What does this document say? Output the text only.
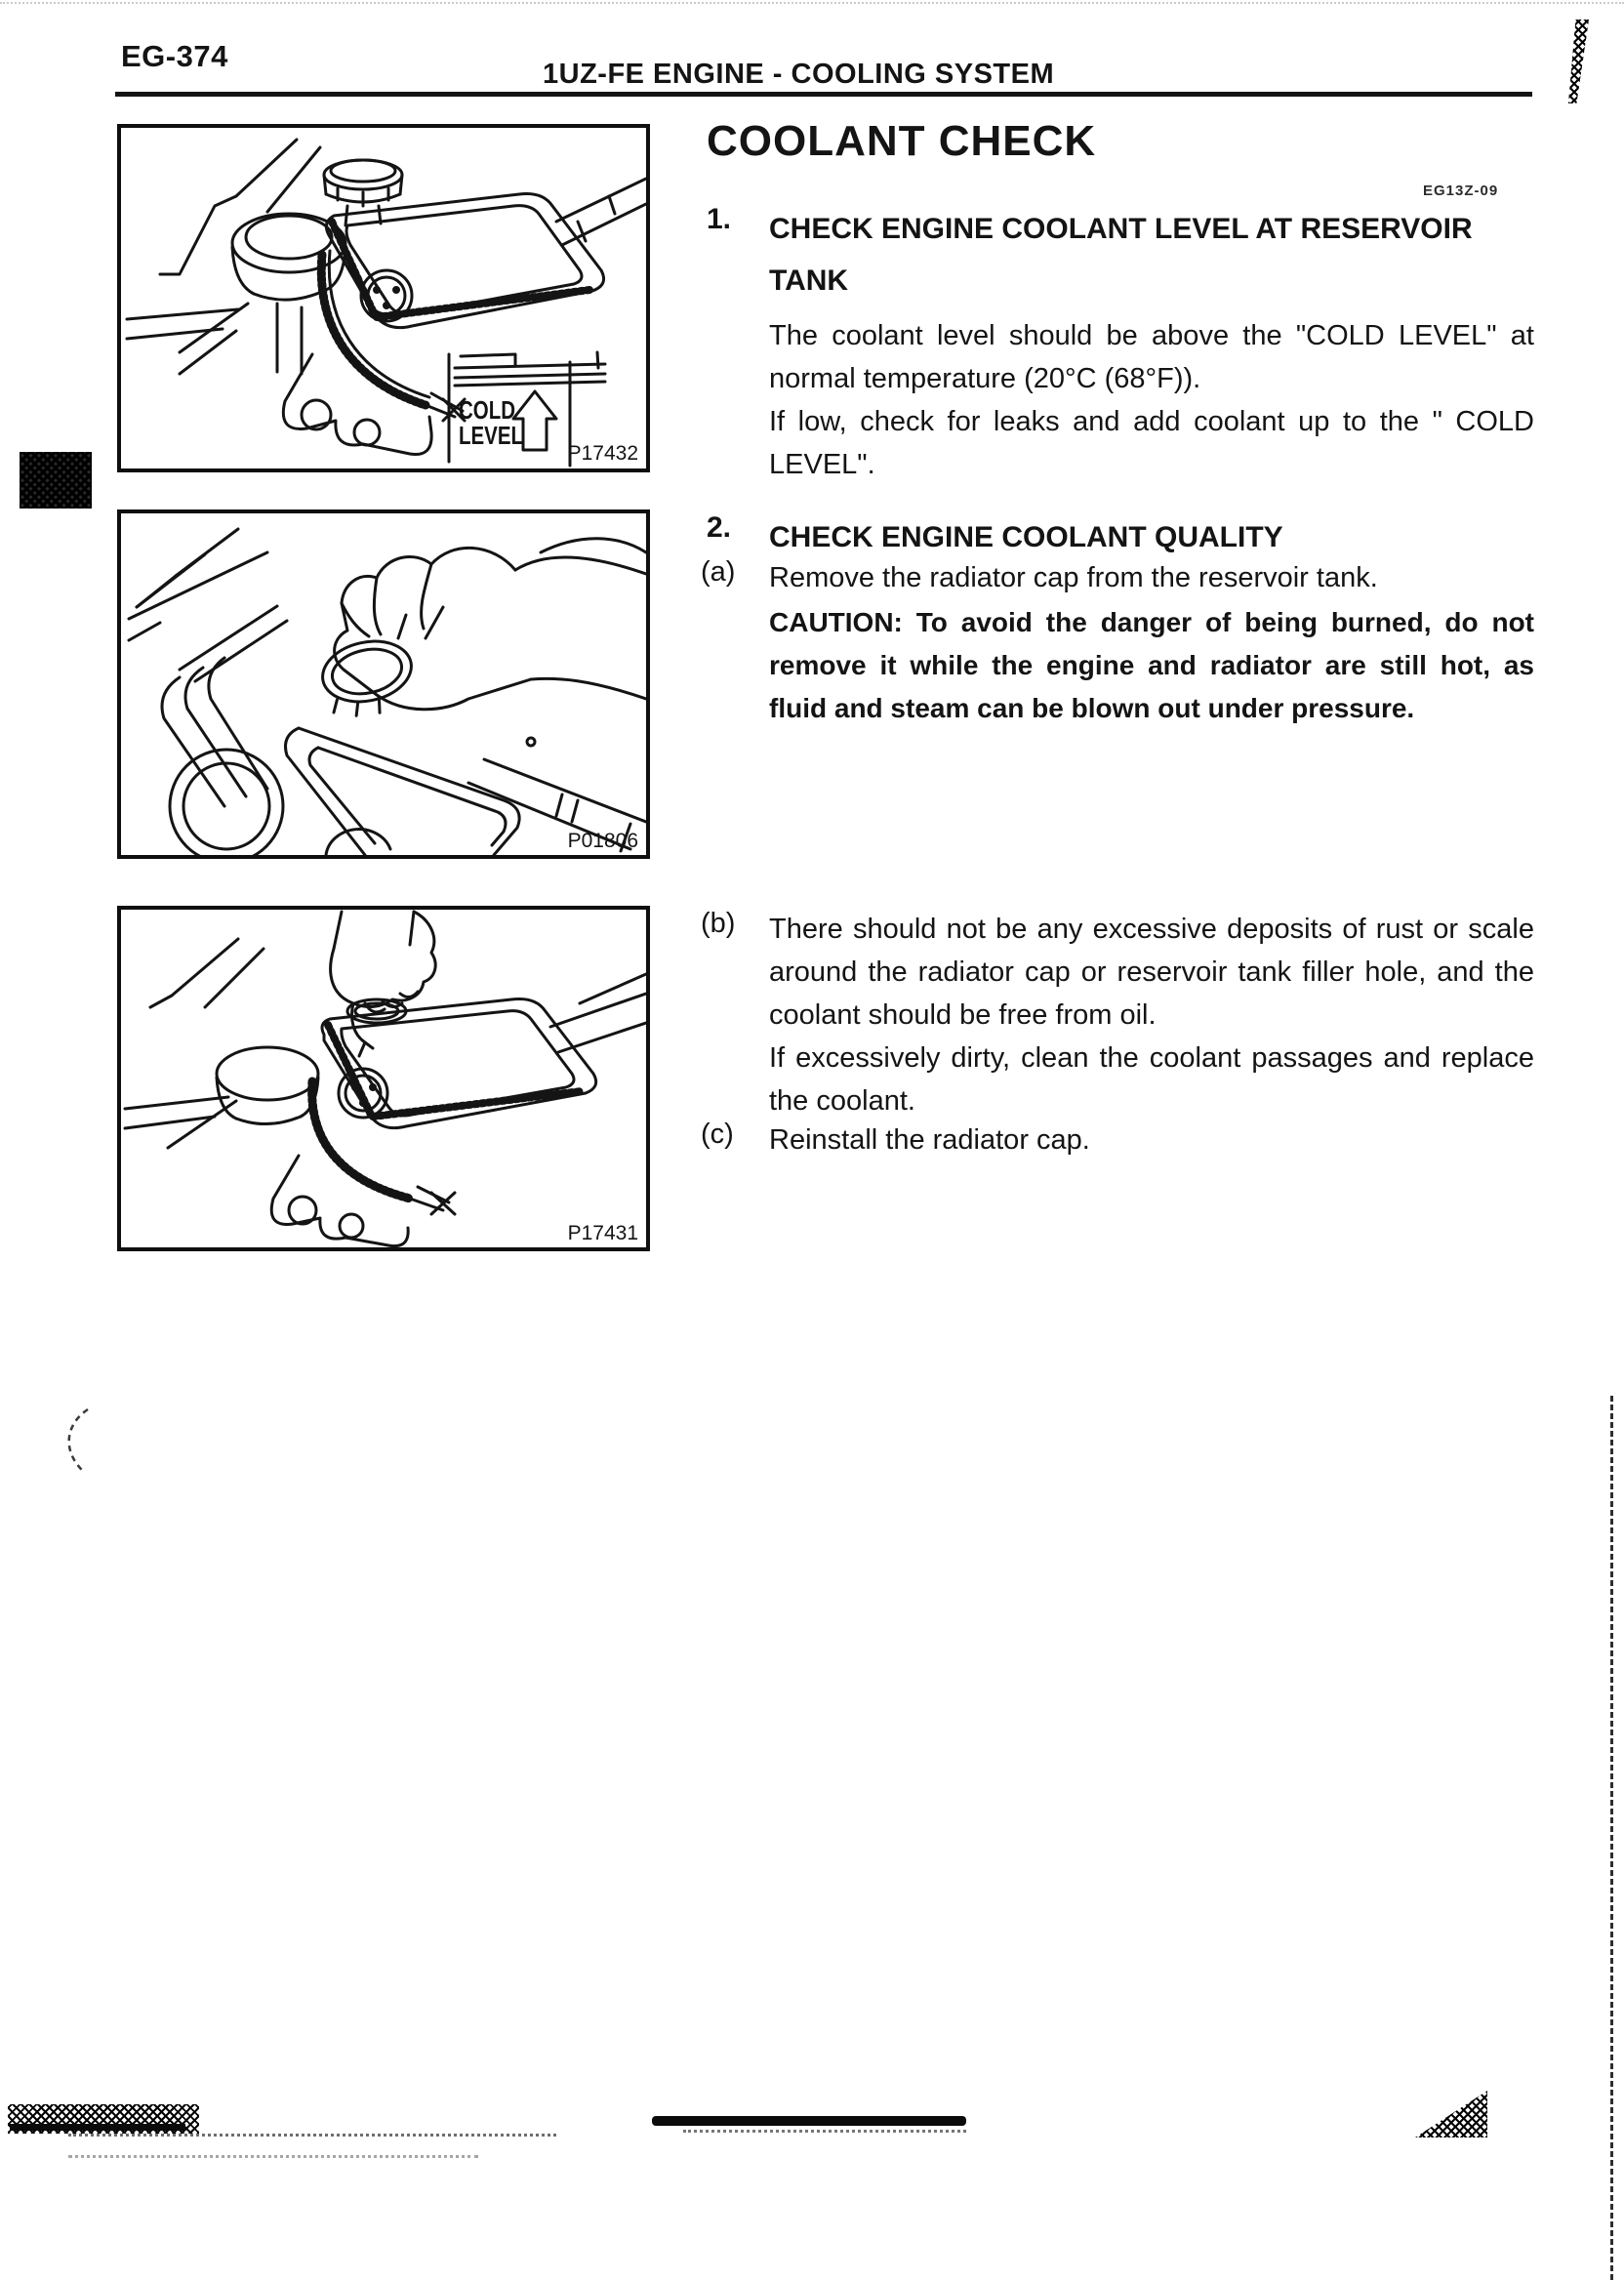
EG-374
1UZ-FE ENGINE - COOLING SYSTEM
COLD
LEVEL
P17432
P01806
P17431
COOLANT CHECK
EG13Z-09
1. CHECK ENGINE COOLANT LEVEL AT RESERVOIR TANK

The coolant level should be above the "COLD LEVEL" at normal temperature (20°C (68°F)).

If low, check for leaks and add coolant up to the " COLD LEVEL".

2. CHECK ENGINE COOLANT QUALITY
(a) Remove the radiator cap from the reservoir tank.
CAUTION: To avoid the danger of being burned, do not remove it while the engine and radiator are still hot, as fluid and steam can be blown out under pressure.
(b) There should not be any excessive deposits of rust or scale around the radiator cap or reservoir tank filler hole, and the coolant should be free from oil.

If excessively dirty, clean the coolant passages and replace the coolant.

(c) Reinstall the radiator cap.
